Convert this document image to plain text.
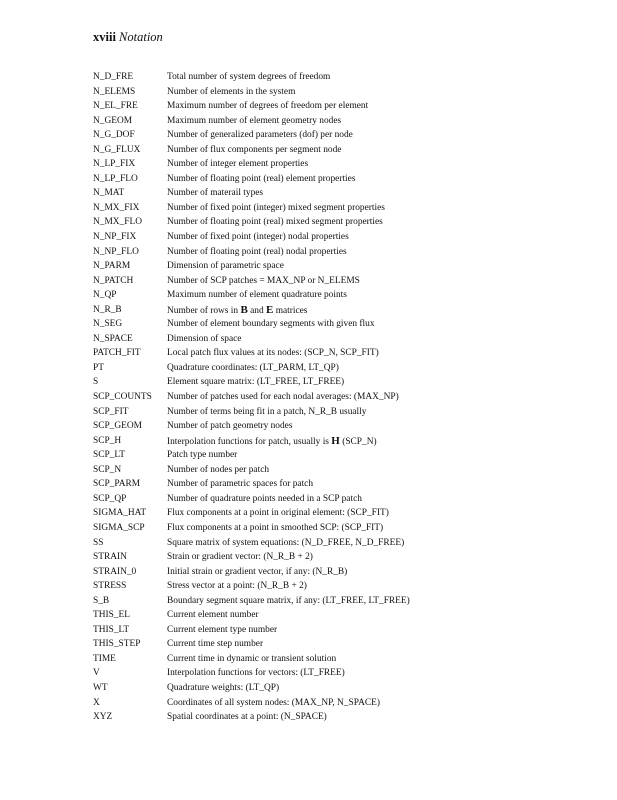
xviii Notation
N_D_FRE	Total number of system degrees of freedom
N_ELEMS	Number of elements in the system
N_EL_FRE	Maximum number of degrees of freedom per element
N_GEOM	Maximum number of element geometry nodes
N_G_DOF	Number of generalized parameters (dof) per node
N_G_FLUX	Number of flux components per segment node
N_LP_FIX	Number of integer element properties
N_LP_FLO	Number of floating point (real) element properties
N_MAT	Number of materail types
N_MX_FIX	Number of fixed point (integer) mixed segment properties
N_MX_FLO	Number of floating point (real) mixed segment properties
N_NP_FIX	Number of fixed point (integer) nodal properties
N_NP_FLO	Number of floating point (real) nodal properties
N_PARM	Dimension of parametric space
N_PATCH	Number of SCP patches = MAX_NP or N_ELEMS
N_QP	Maximum number of element quadrature points
N_R_B	Number of rows in B and E matrices
N_SEG	Number of element boundary segments with given flux
N_SPACE	Dimension of space
PATCH_FIT	Local patch flux values at its nodes: (SCP_N, SCP_FIT)
PT	Quadrature coordinates: (LT_PARM, LT_QP)
S	Element square matrix: (LT_FREE, LT_FREE)
SCP_COUNTS	Number of patches used for each nodal averages: (MAX_NP)
SCP_FIT	Number of terms being fit in a patch, N_R_B usually
SCP_GEOM	Number of patch geometry nodes
SCP_H	Interpolation functions for patch, usually is H (SCP_N)
SCP_LT	Patch type number
SCP_N	Number of nodes per patch
SCP_PARM	Number of parametric spaces for patch
SCP_QP	Number of quadrature points needed in a SCP patch
SIGMA_HAT	Flux components at a point in original element: (SCP_FIT)
SIGMA_SCP	Flux components at a point in smoothed SCP: (SCP_FIT)
SS	Square matrix of system equations: (N_D_FREE, N_D_FREE)
STRAIN	Strain or gradient vector: (N_R_B + 2)
STRAIN_0	Initial strain or gradient vector, if any: (N_R_B)
STRESS	Stress vector at a point: (N_R_B + 2)
S_B	Boundary segment square matrix, if any: (LT_FREE, LT_FREE)
THIS_EL	Current element number
THIS_LT	Current element type number
THIS_STEP	Current time step number
TIME	Current time in dynamic or transient solution
V	Interpolation functions for vectors: (LT_FREE)
WT	Quadrature weights: (LT_QP)
X	Coordinates of all system nodes: (MAX_NP, N_SPACE)
XYZ	Spatial coordinates at a point: (N_SPACE)
